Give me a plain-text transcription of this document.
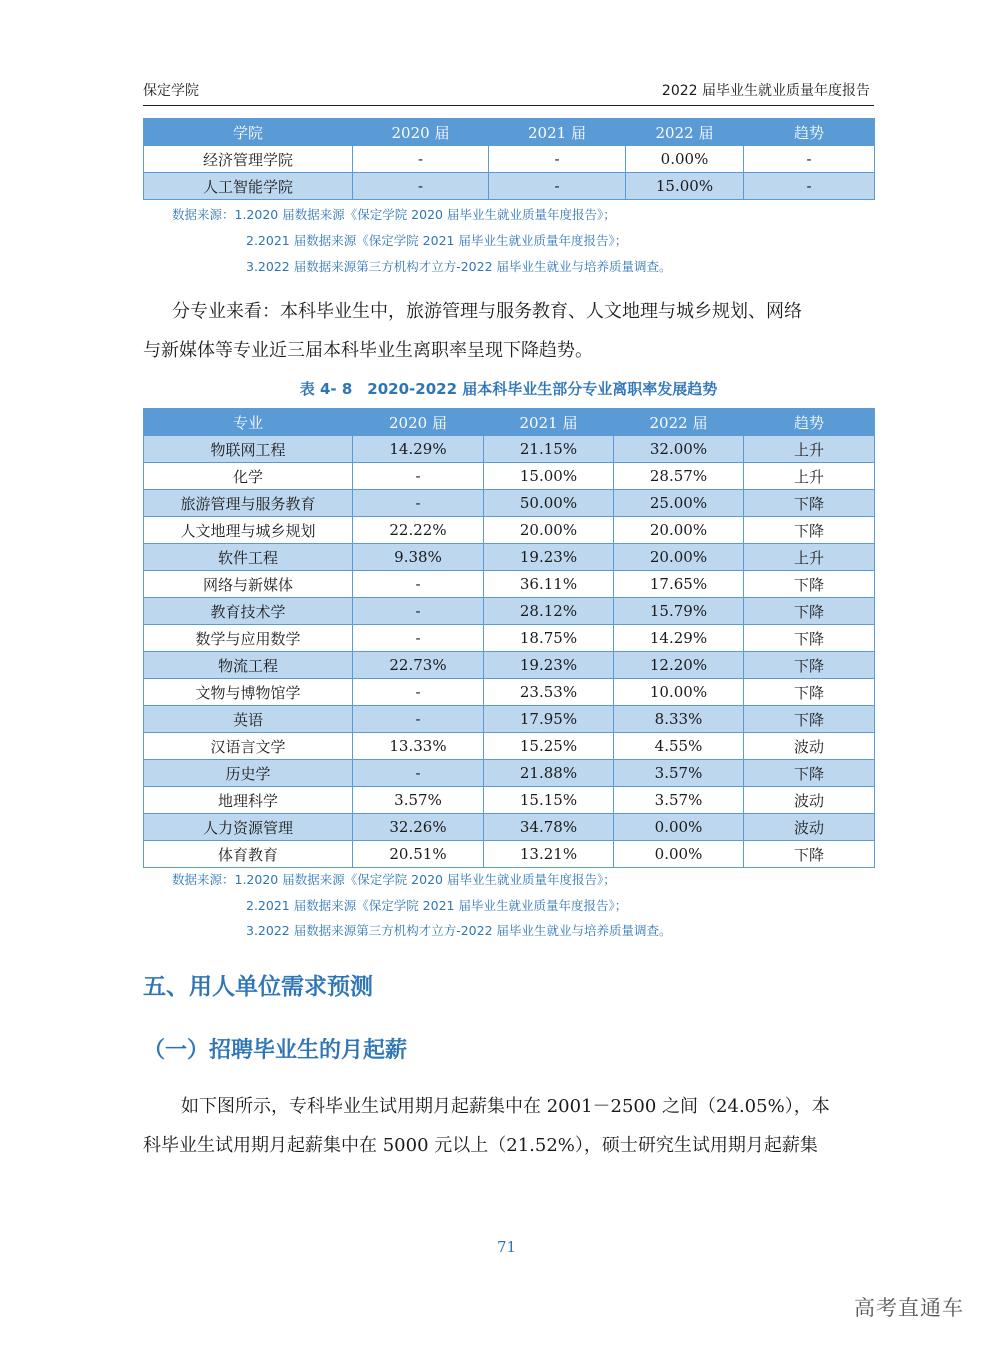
保定学院	2022 届毕业生就业质量年度报告
学院	2020 届	2021 届	2022 届	趋势
经济管理学院	-	-	0.00%	-
人工智能学院	-	-	15.00%	-
数据来源：1.2020 届数据来源《保定学院 2020 届毕业生就业质量年度报告》；
2.2021 届数据来源《保定学院 2021 届毕业生就业质量年度报告》；
3.2022 届数据来源第三方机构才立方-2022 届毕业生就业与培养质量调查。

分专业来看：本科毕业生中，旅游管理与服务教育、人文地理与城乡规划、网络

与新媒体等专业近三届本科毕业生离职率呈现下降趋势。

表 4- 8　2020-2022 届本科毕业生部分专业离职率发展趋势
专业	2020 届	2021 届	2022 届	趋势
物联网工程	14.29%	21.15%	32.00%	上升
化学	-	15.00%	28.57%	上升
旅游管理与服务教育	-	50.00%	25.00%	下降
人文地理与城乡规划	22.22%	20.00%	20.00%	下降
软件工程	9.38%	19.23%	20.00%	上升
网络与新媒体	-	36.11%	17.65%	下降
教育技术学	-	28.12%	15.79%	下降
数学与应用数学	-	18.75%	14.29%	下降
物流工程	22.73%	19.23%	12.20%	下降
文物与博物馆学	-	23.53%	10.00%	下降
英语	-	17.95%	8.33%	下降
汉语言文学	13.33%	15.25%	4.55%	波动
历史学	-	21.88%	3.57%	下降
地理科学	3.57%	15.15%	3.57%	波动
人力资源管理	32.26%	34.78%	0.00%	波动
体育教育	20.51%	13.21%	0.00%	下降
数据来源：1.2020 届数据来源《保定学院 2020 届毕业生就业质量年度报告》；
2.2021 届数据来源《保定学院 2021 届毕业生就业质量年度报告》；
3.2022 届数据来源第三方机构才立方-2022 届毕业生就业与培养质量调查。
五、用人单位需求预测
（一）招聘毕业生的月起薪

如下图所示，专科毕业生试用期月起薪集中在 2001－2500 之间（24.05%），本

科毕业生试用期月起薪集中在 5000 元以上（21.52%），硕士研究生试用期月起薪集

71
高考直通车
